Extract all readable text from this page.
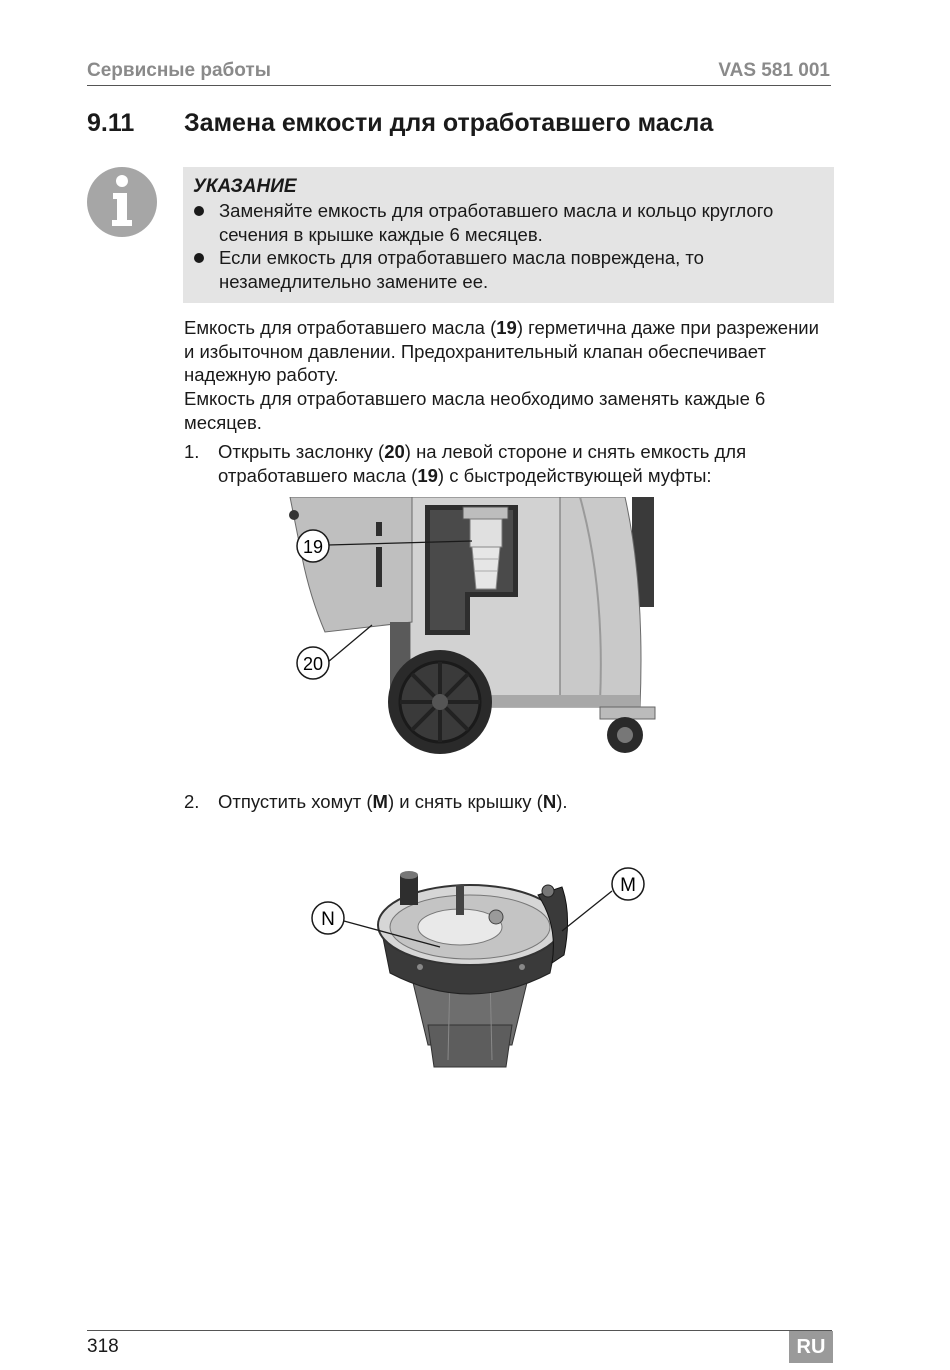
Сервисные работы	VAS 581 001
9.11 Замена емкости для отработавшего масла
УКАЗАНИЕ
Заменяйте емкость для отработавшего масла и кольцо круглого сечения в крышке каждые 6 месяцев.
Если емкость для отработавшего масла повреждена, то незамедлительно замените ее.
Емкость для отработавшего масла (19) герметична даже при разрежении и избыточном давлении. Предохранительный клапан обеспечивает надежную работу.
Емкость для отработавшего масла необходимо заменять каждые 6 месяцев.
1. Открыть заслонку (20) на левой стороне и снять емкость для отработавшего масла (19) с быстродействующей муфты:
19
20
2. Отпустить хомут (M) и снять крышку (N).
N
M
318	RU
